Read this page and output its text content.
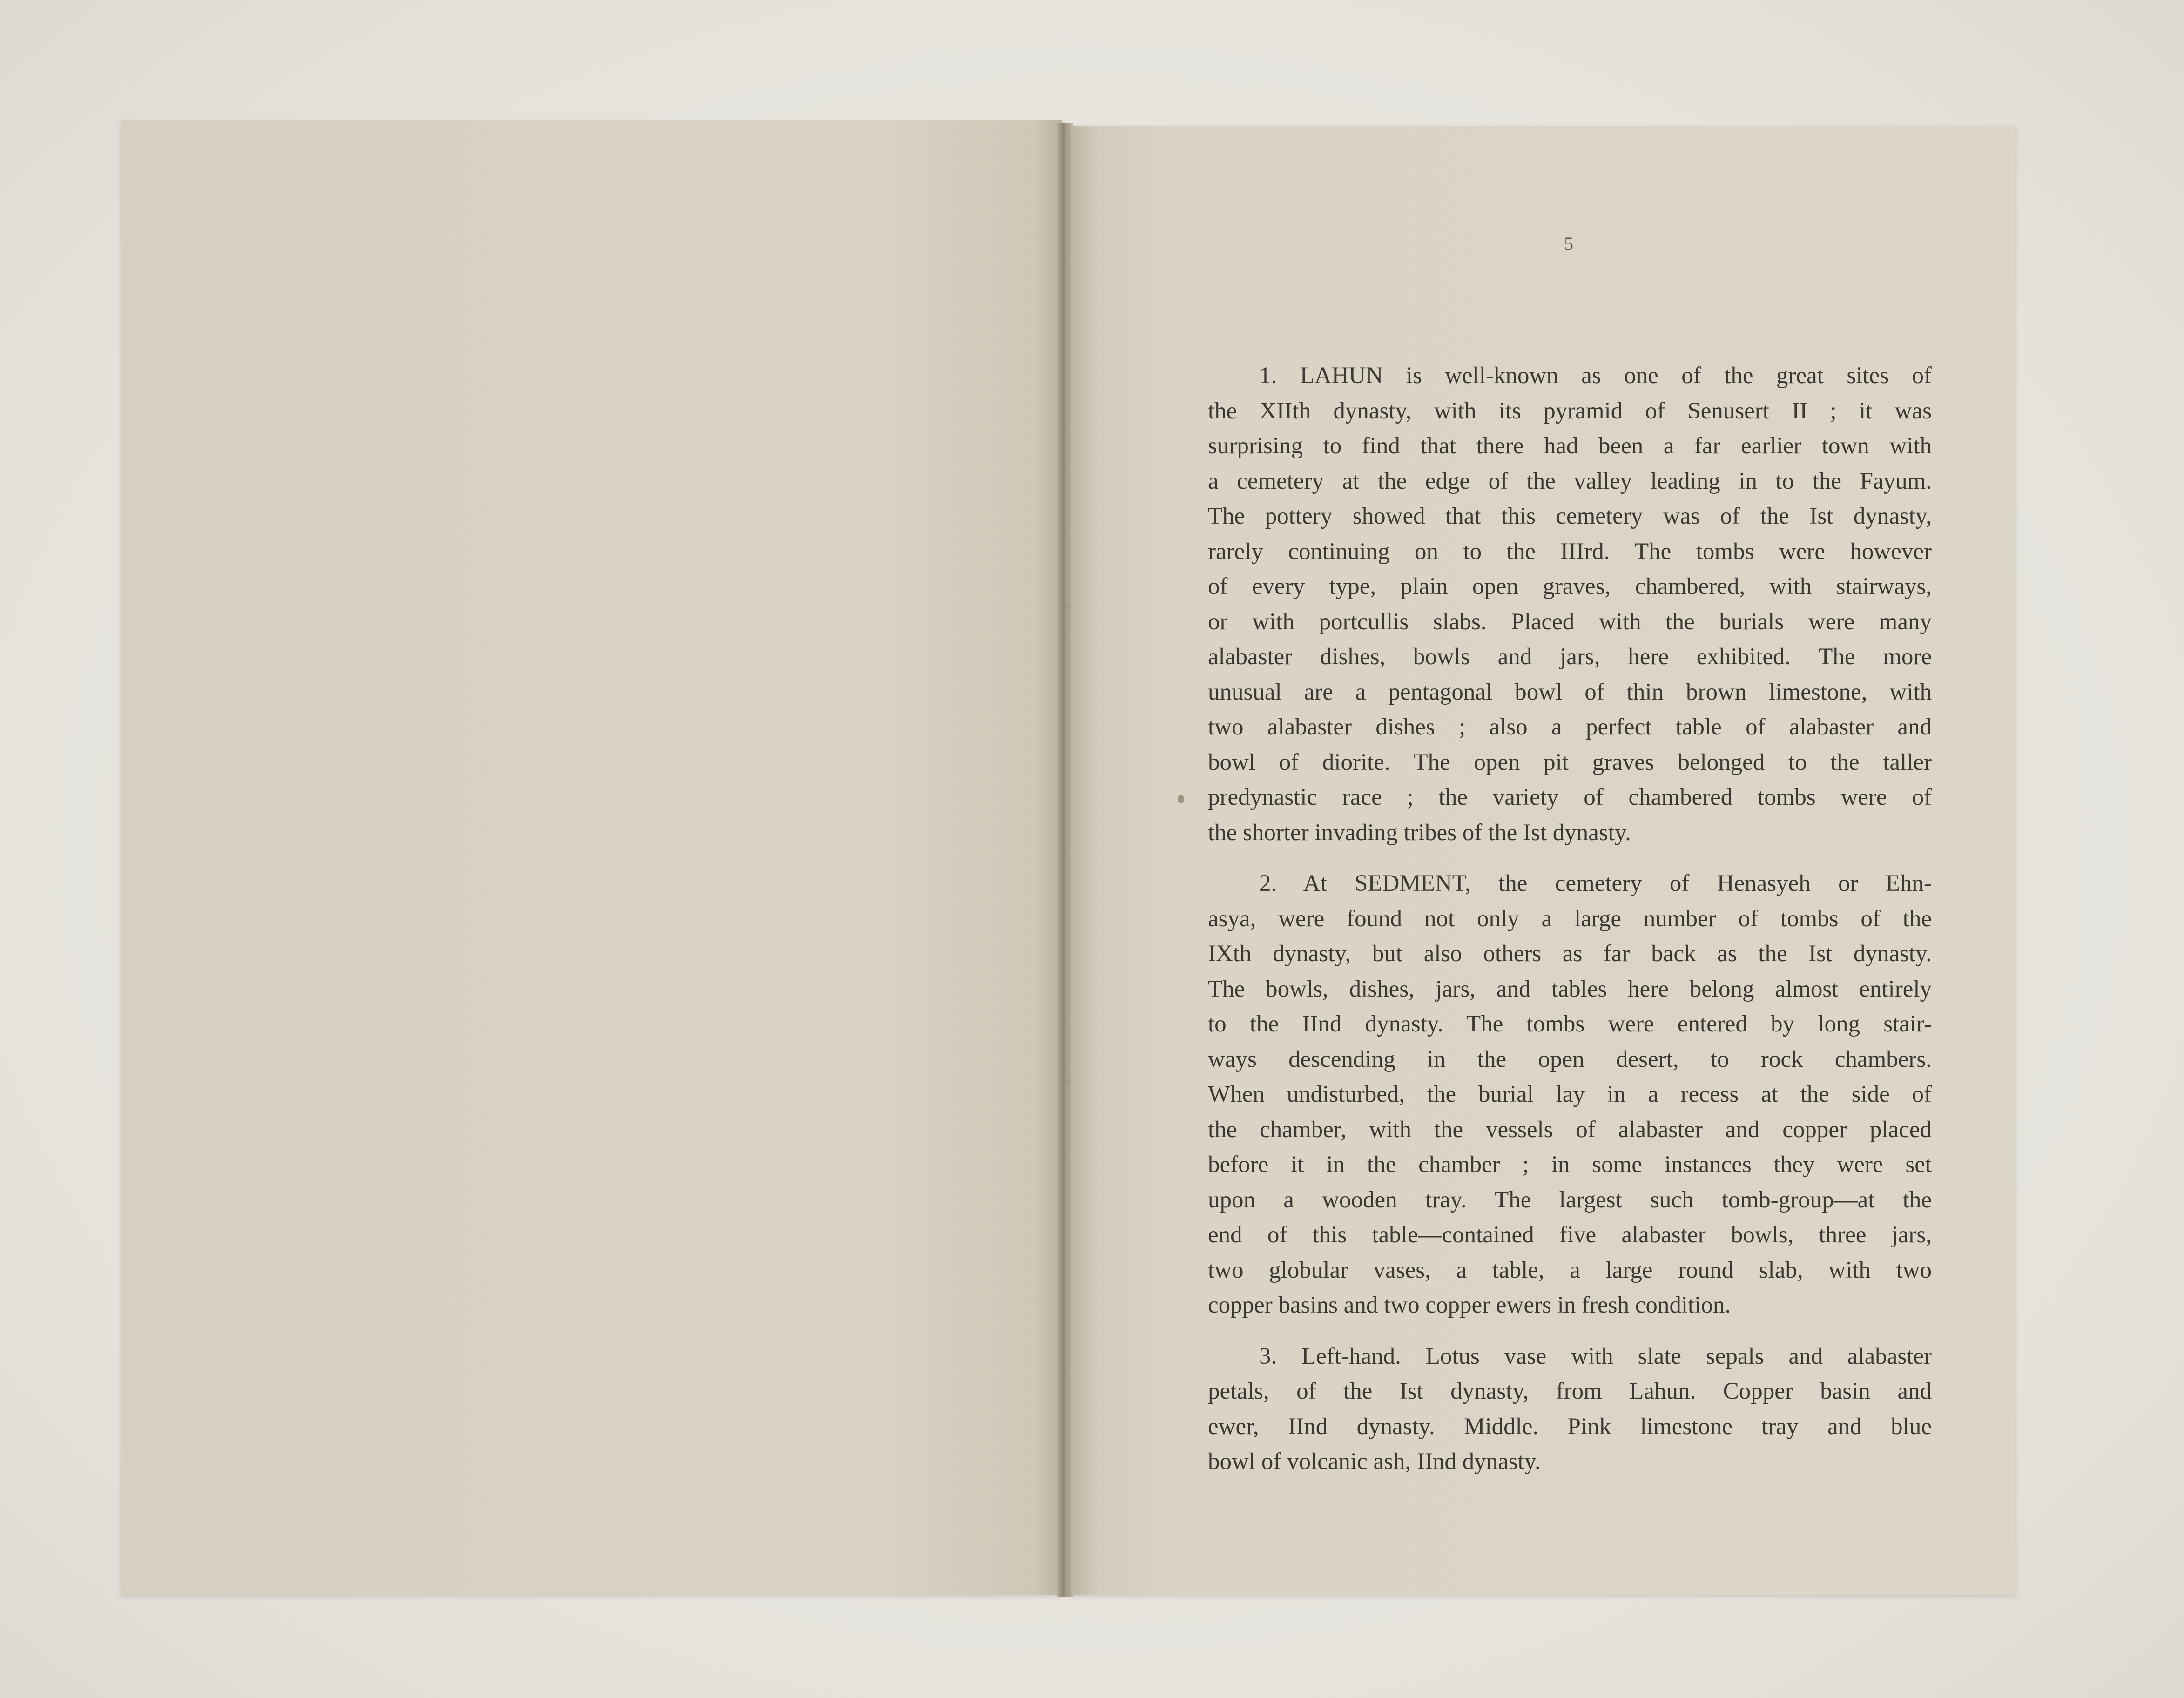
5
1. LAHUN is well-known as one of the great sites of
the XIIth dynasty, with its pyramid of Senusert II ; it was
surprising to find that there had been a far earlier town with
a cemetery at the edge of the valley leading in to the Fayum.
The pottery showed that this cemetery was of the Ist dynasty,
rarely continuing on to the IIIrd. The tombs were however
of every type, plain open graves, chambered, with stairways,
or with portcullis slabs. Placed with the burials were many
alabaster dishes, bowls and jars, here exhibited. The more
unusual are a pentagonal bowl of thin brown limestone, with
two alabaster dishes ; also a perfect table of alabaster and
bowl of diorite. The open pit graves belonged to the taller
predynastic race ; the variety of chambered tombs were of
the shorter invading tribes of the Ist dynasty.
2. At SEDMENT, the cemetery of Henasyeh or Ehn-
asya, were found not only a large number of tombs of the
IXth dynasty, but also others as far back as the Ist dynasty.
The bowls, dishes, jars, and tables here belong almost entirely
to the IInd dynasty. The tombs were entered by long stair-
ways descending in the open desert, to rock chambers.
When undisturbed, the burial lay in a recess at the side of
the chamber, with the vessels of alabaster and copper placed
before it in the chamber ; in some instances they were set
upon a wooden tray. The largest such tomb-group—at the
end of this table—contained five alabaster bowls, three jars,
two globular vases, a table, a large round slab, with two
copper basins and two copper ewers in fresh condition.
3. Left-hand. Lotus vase with slate sepals and alabaster
petals, of the Ist dynasty, from Lahun. Copper basin and
ewer, IInd dynasty. Middle. Pink limestone tray and blue
bowl of volcanic ash, IInd dynasty.
